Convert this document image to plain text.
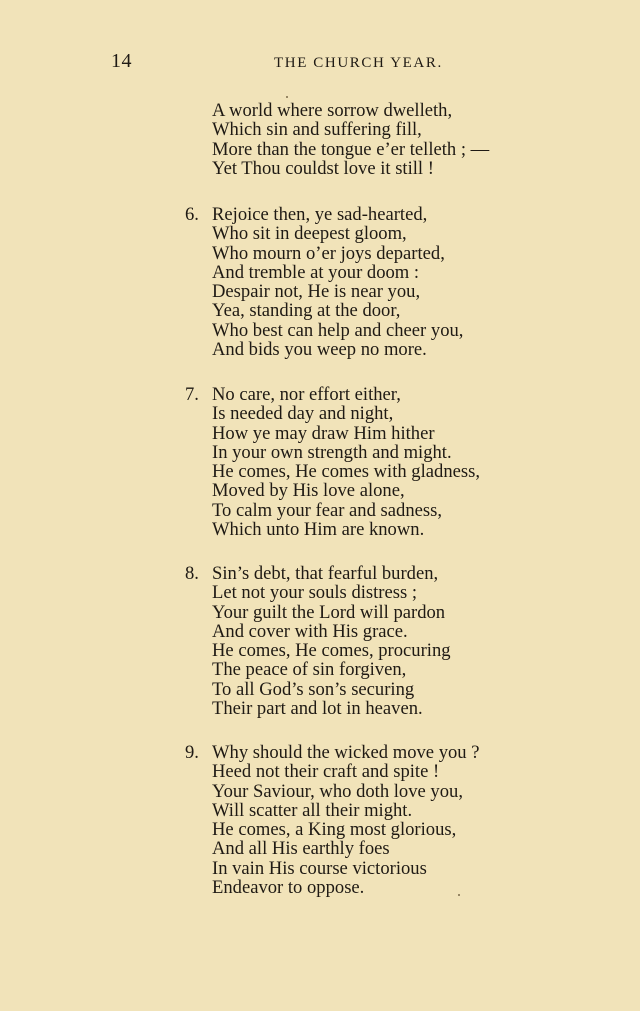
14	THE CHURCH YEAR.
A world where sorrow dwelleth,
Which sin and suffering fill,
More than the tongue e’er telleth ; —
Yet Thou couldst love it still !
6. Rejoice then, ye sad-hearted,
Who sit in deepest gloom,
Who mourn o’er joys departed,
And tremble at your doom :
Despair not, He is near you,
Yea, standing at the door,
Who best can help and cheer you,
And bids you weep no more.
7. No care, nor effort either,
Is needed day and night,
How ye may draw Him hither
In your own strength and might.
He comes, He comes with gladness,
Moved by His love alone,
To calm your fear and sadness,
Which unto Him are known.
8. Sin’s debt, that fearful burden,
Let not your souls distress ;
Your guilt the Lord will pardon
And cover with His grace.
He comes, He comes, procuring
The peace of sin forgiven,
To all God’s son’s securing
Their part and lot in heaven.
9. Why should the wicked move you ?
Heed not their craft and spite !
Your Saviour, who doth love you,
Will scatter all their might.
He comes, a King most glorious,
And all His earthly foes
In vain His course victorious
Endeavor to oppose.
